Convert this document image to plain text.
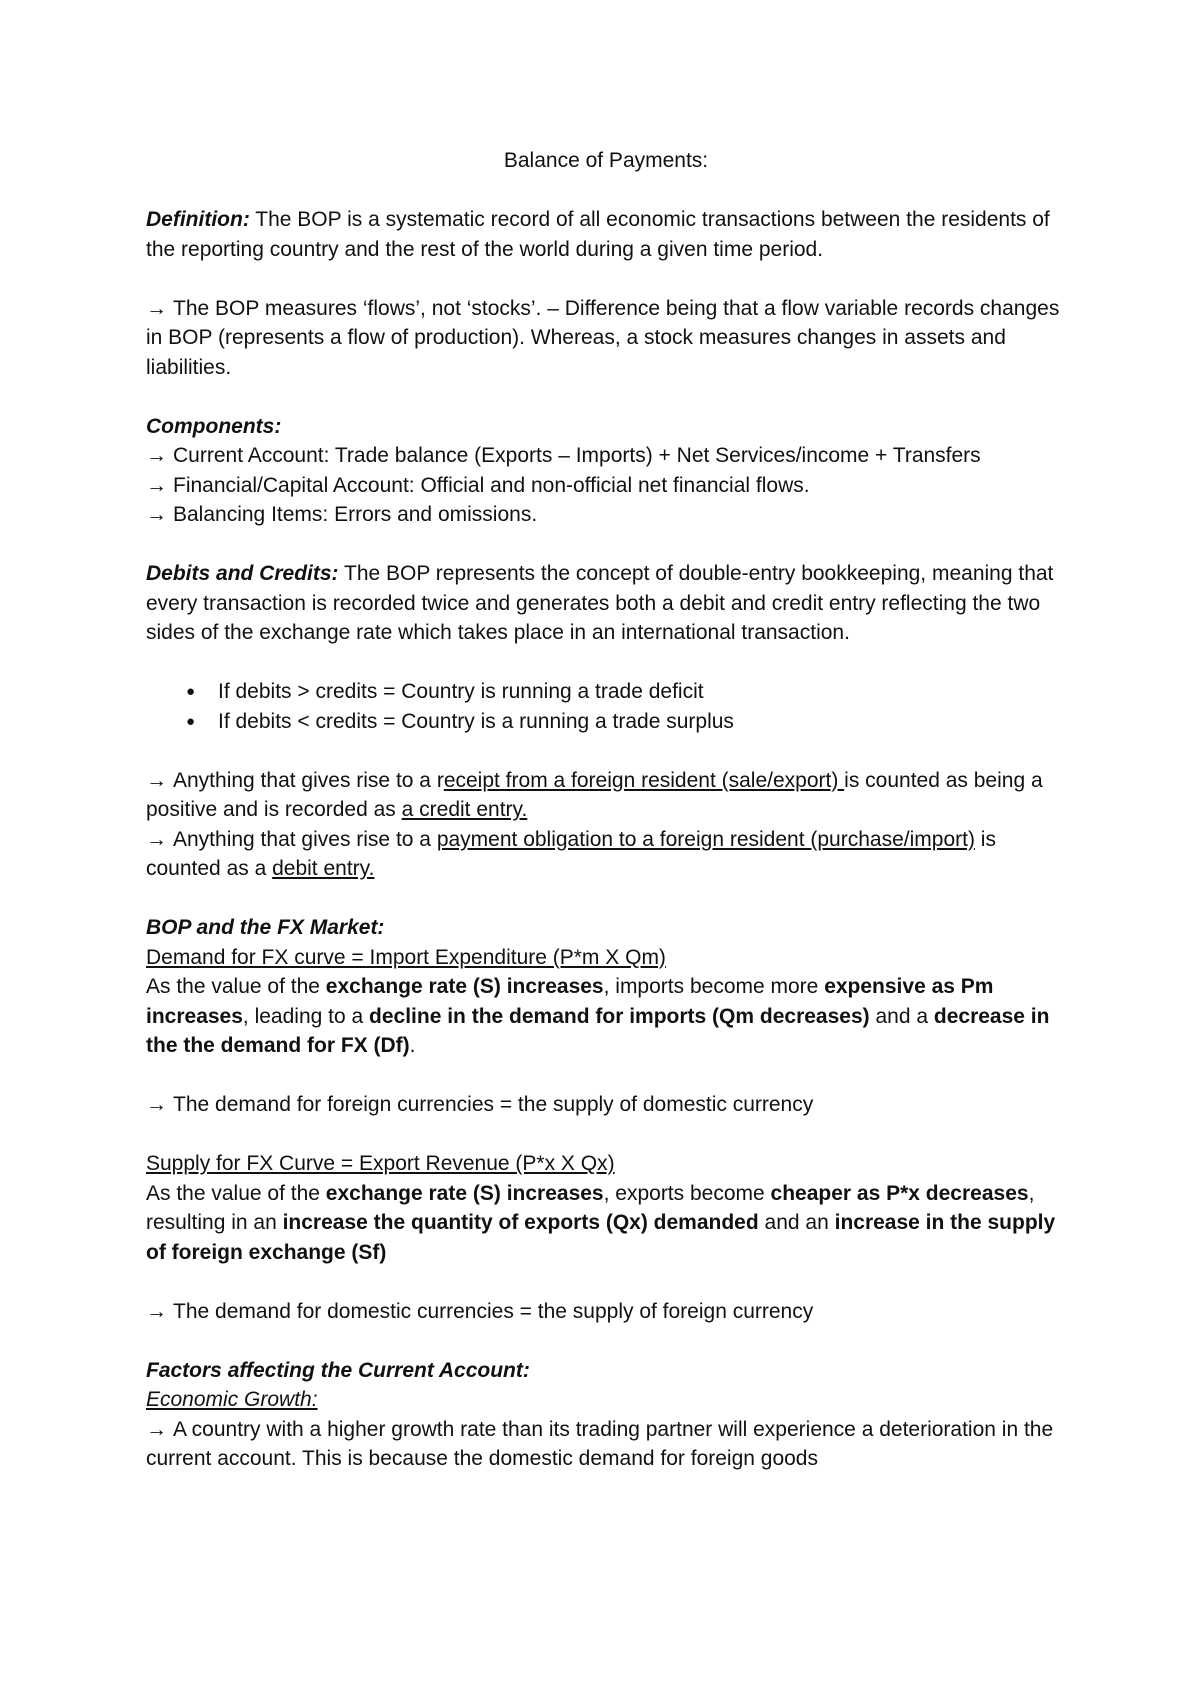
Balance of Payments:

Definition: The BOP is a systematic record of all economic transactions between the residents of the reporting country and the rest of the world during a given time period.

→ The BOP measures ‘flows’, not ‘stocks’. – Difference being that a flow variable records changes in BOP (represents a flow of production). Whereas, a stock measures changes in assets and liabilities.

Components:

→ Current Account: Trade balance (Exports – Imports) + Net Services/income + Transfers

→ Financial/Capital Account: Official and non-official net financial flows.

→ Balancing Items: Errors and omissions.

Debits and Credits: The BOP represents the concept of double-entry bookkeeping, meaning that every transaction is recorded twice and generates both a debit and credit entry reflecting the two sides of the exchange rate which takes place in an international transaction.

● If debits > credits = Country is running a trade deficit
● If debits < credits = Country is a running a trade surplus

→ Anything that gives rise to a receipt from a foreign resident (sale/export) is counted as being a positive and is recorded as a credit entry.

→ Anything that gives rise to a payment obligation to a foreign resident (purchase/import) is counted as a debit entry.

BOP and the FX Market:

Demand for FX curve = Import Expenditure (P*m X Qm)

As the value of the exchange rate (S) increases, imports become more expensive as Pm increases, leading to a decline in the demand for imports (Qm decreases) and a decrease in the the demand for FX (Df).

→ The demand for foreign currencies = the supply of domestic currency

Supply for FX Curve = Export Revenue (P*x X Qx)

As the value of the exchange rate (S) increases, exports become cheaper as P*x decreases, resulting in an increase the quantity of exports (Qx) demanded and an increase in the supply of foreign exchange (Sf)

→ The demand for domestic currencies = the supply of foreign currency

Factors affecting the Current Account:

Economic Growth:

→ A country with a higher growth rate than its trading partner will experience a deterioration in the current account. This is because the domestic demand for foreign goods
